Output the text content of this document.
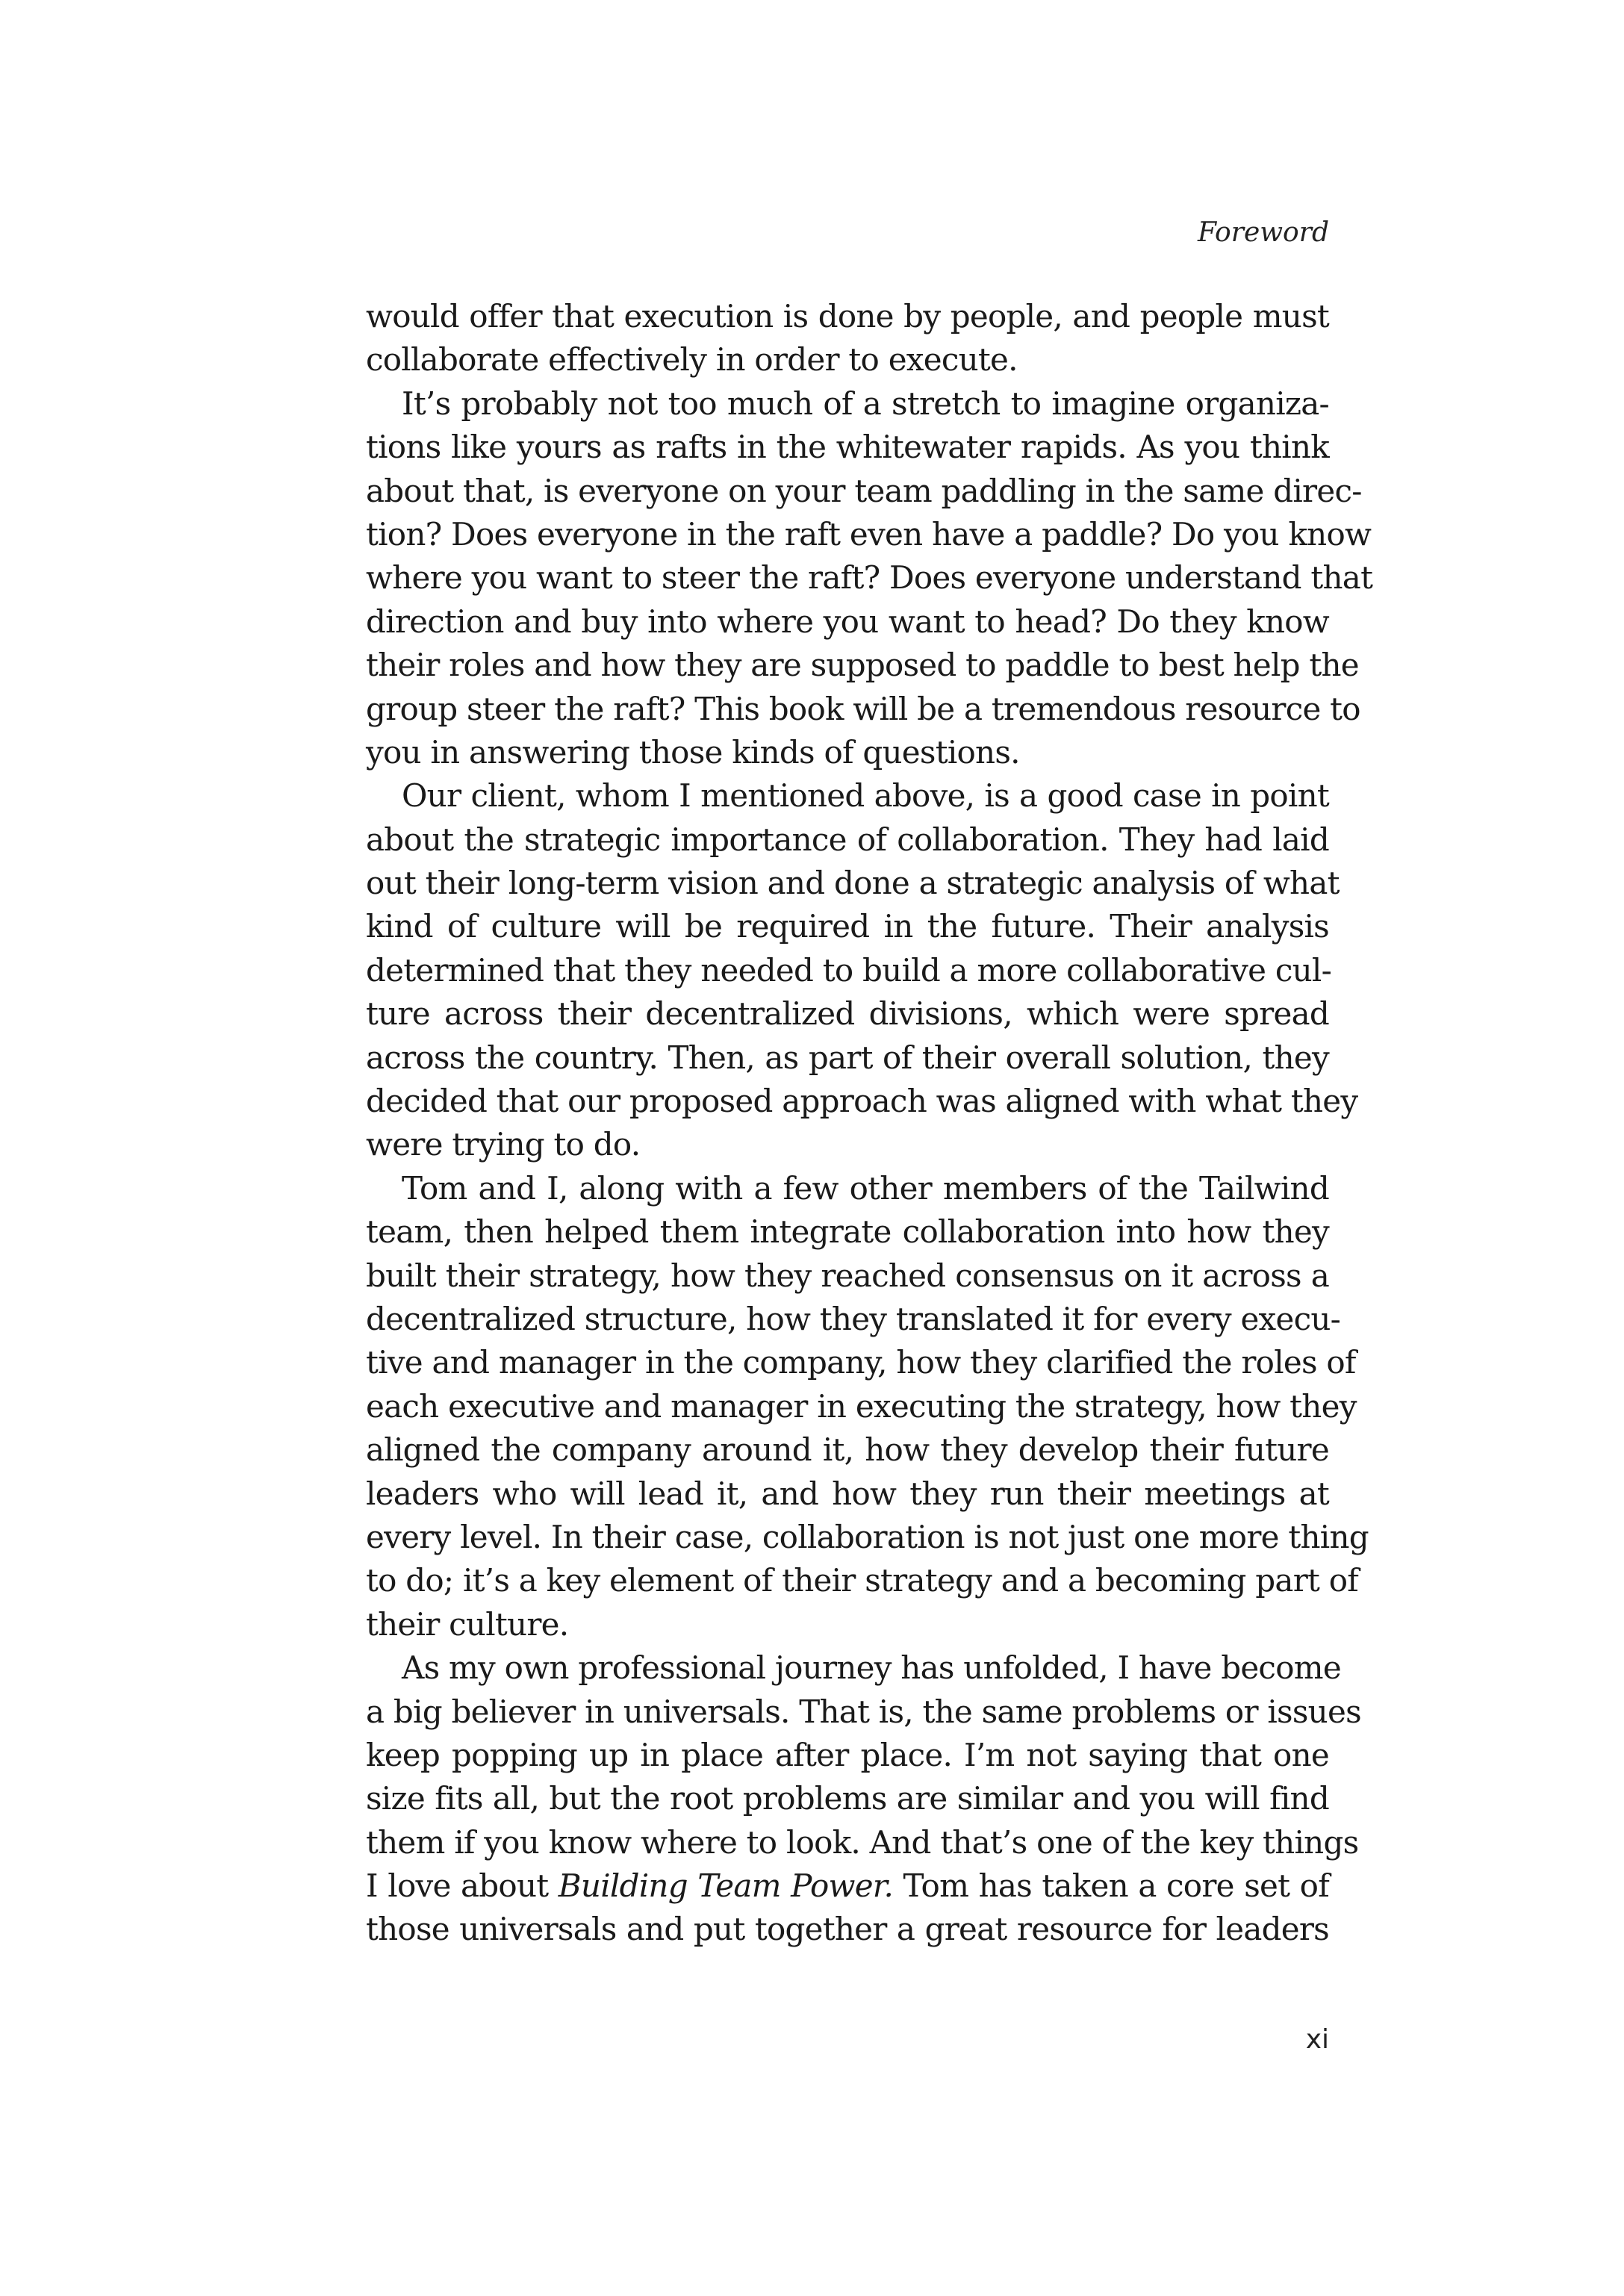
Foreword
would offer that execution is done by people, and people must
collaborate effectively in order to execute.
It’s probably not too much of a stretch to imagine organiza-
tions like yours as rafts in the whitewater rapids. As you think
about that, is everyone on your team paddling in the same direc-
tion? Does everyone in the raft even have a paddle? Do you know
where you want to steer the raft? Does everyone understand that
direction and buy into where you want to head? Do they know
their roles and how they are supposed to paddle to best help the
group steer the raft? This book will be a tremendous resource to
you in answering those kinds of questions.
Our client, whom I mentioned above, is a good case in point
about the strategic importance of collaboration. They had laid
out their long-term vision and done a strategic analysis of what
kind of culture will be required in the future. Their analysis
determined that they needed to build a more collaborative cul-
ture across their decentralized divisions, which were spread
across the country. Then, as part of their overall solution, they
decided that our proposed approach was aligned with what they
were trying to do.
Tom and I, along with a few other members of the Tailwind
team, then helped them integrate collaboration into how they
built their strategy, how they reached consensus on it across a
decentralized structure, how they translated it for every execu-
tive and manager in the company, how they clarified the roles of
each executive and manager in executing the strategy, how they
aligned the company around it, how they develop their future
leaders who will lead it, and how they run their meetings at
every level. In their case, collaboration is not just one more thing
to do; it’s a key element of their strategy and a becoming part of
their culture.
As my own professional journey has unfolded, I have become
a big believer in universals. That is, the same problems or issues
keep popping up in place after place. I’m not saying that one
size fits all, but the root problems are similar and you will find
them if you know where to look. And that’s one of the key things
I love about Building Team Power. Tom has taken a core set of
those universals and put together a great resource for leaders
xi
